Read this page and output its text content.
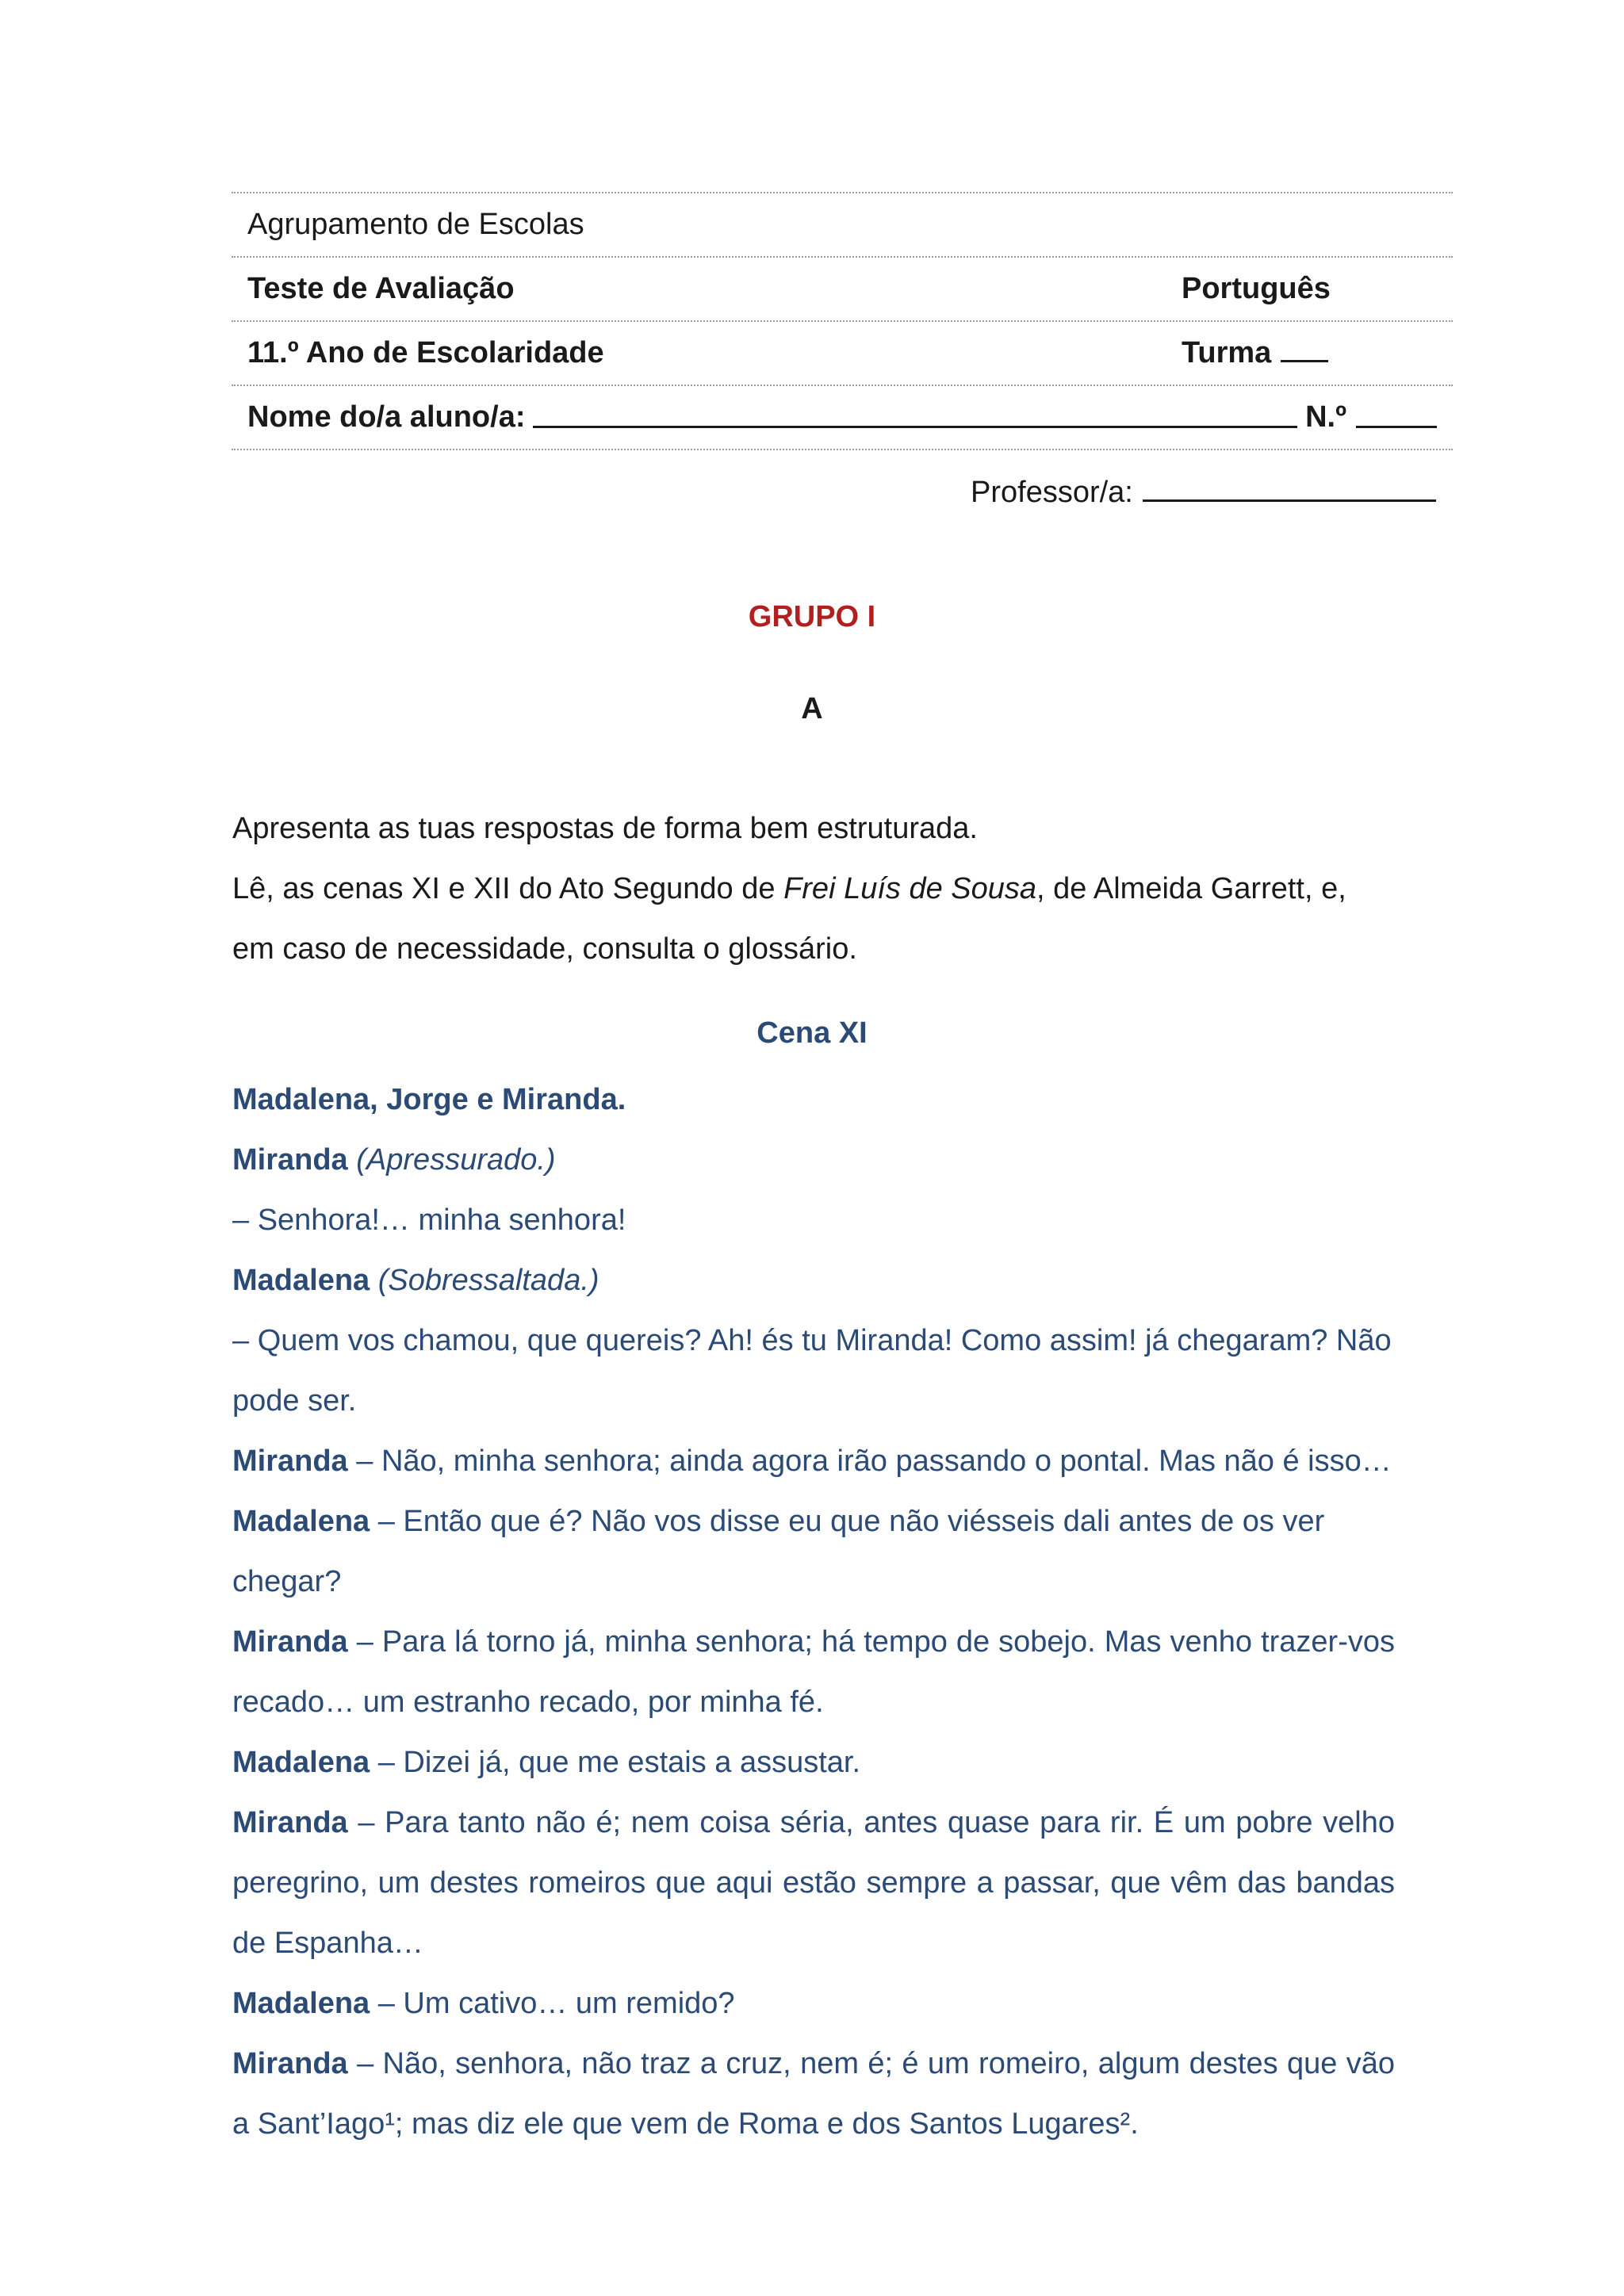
Agrupamento de Escolas
Teste de Avaliação	Português
11.º Ano de Escolaridade	Turma
Nome do/a aluno/a:	N.º
Professor/a:
GRUPO I
A
Apresenta as tuas respostas de forma bem estruturada.
Lê, as cenas XI e XII do Ato Segundo de Frei Luís de Sousa, de Almeida Garrett, e, em caso de necessidade, consulta o glossário.
Cena XI

Madalena, Jorge e Miranda.

Miranda (Apressurado.)

– Senhora!… minha senhora!

Madalena (Sobressaltada.)

– Quem vos chamou, que quereis? Ah! és tu Miranda! Como assim! já chegaram? Não pode ser.

Miranda – Não, minha senhora; ainda agora irão passando o pontal. Mas não é isso…

Madalena – Então que é? Não vos disse eu que não viésseis dali antes de os ver chegar?

Miranda – Para lá torno já, minha senhora; há tempo de sobejo. Mas venho trazer-vos recado… um estranho recado, por minha fé.

Madalena – Dizei já, que me estais a assustar.

Miranda – Para tanto não é; nem coisa séria, antes quase para rir. É um pobre velho peregrino, um destes romeiros que aqui estão sempre a passar, que vêm das bandas de Espanha…

Madalena – Um cativo… um remido?

Miranda – Não, senhora, não traz a cruz, nem é; é um romeiro, algum destes que vão a Sant’Iago¹; mas diz ele que vem de Roma e dos Santos Lugares².
